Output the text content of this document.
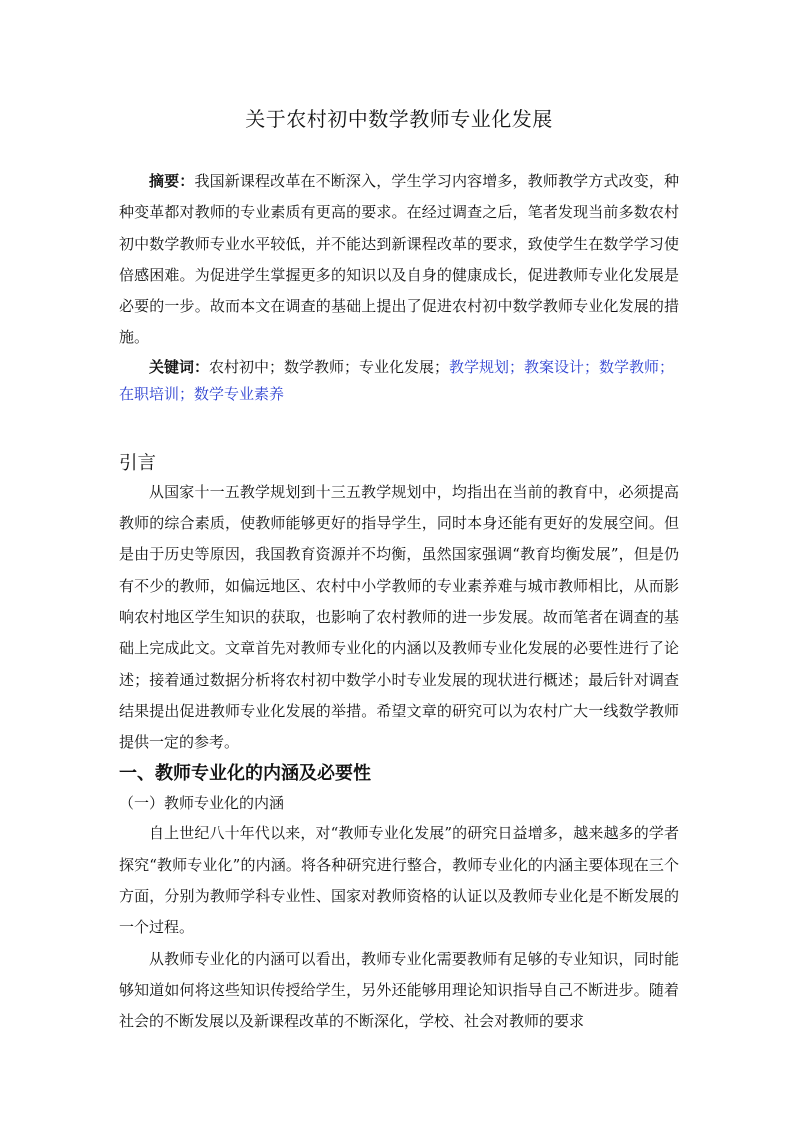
关于农村初中数学教师专业化发展

摘要：我国新课程改革在不断深入，学生学习内容增多，教师教学方式改变，种种变革都对教师的专业素质有更高的要求。在经过调查之后，笔者发现当前多数农村初中数学教师专业水平较低，并不能达到新课程改革的要求，致使学生在数学学习使倍感困难。为促进学生掌握更多的知识以及自身的健康成长，促进教师专业化发展是必要的一步。故而本文在调查的基础上提出了促进农村初中数学教师专业化发展的措施。

关键词：农村初中；数学教师；专业化发展；教学规划；教案设计；数学教师；在职培训；数学专业素养

引言

从国家十一五教学规划到十三五教学规划中，均指出在当前的教育中，必须提高教师的综合素质，使教师能够更好的指导学生，同时本身还能有更好的发展空间。但是由于历史等原因，我国教育资源并不均衡，虽然国家强调“教育均衡发展”，但是仍有不少的教师，如偏远地区、农村中小学教师的专业素养难与城市教师相比，从而影响农村地区学生知识的获取，也影响了农村教师的进一步发展。故而笔者在调查的基础上完成此文。文章首先对教师专业化的内涵以及教师专业化发展的必要性进行了论述；接着通过数据分析将农村初中数学小时专业发展的现状进行概述；最后针对调查结果提出促进教师专业化发展的举措。希望文章的研究可以为农村广大一线数学教师提供一定的参考。

一、教师专业化的内涵及必要性
（一）教师专业化的内涵

自上世纪八十年代以来，对“教师专业化发展”的研究日益增多，越来越多的学者探究“教师专业化”的内涵。将各种研究进行整合，教师专业化的内涵主要体现在三个方面，分别为教师学科专业性、国家对教师资格的认证以及教师专业化是不断发展的一个过程。

从教师专业化的内涵可以看出，教师专业化需要教师有足够的专业知识，同时能够知道如何将这些知识传授给学生，另外还能够用理论知识指导自己不断进步。随着社会的不断发展以及新课程改革的不断深化，学校、社会对教师的要求
